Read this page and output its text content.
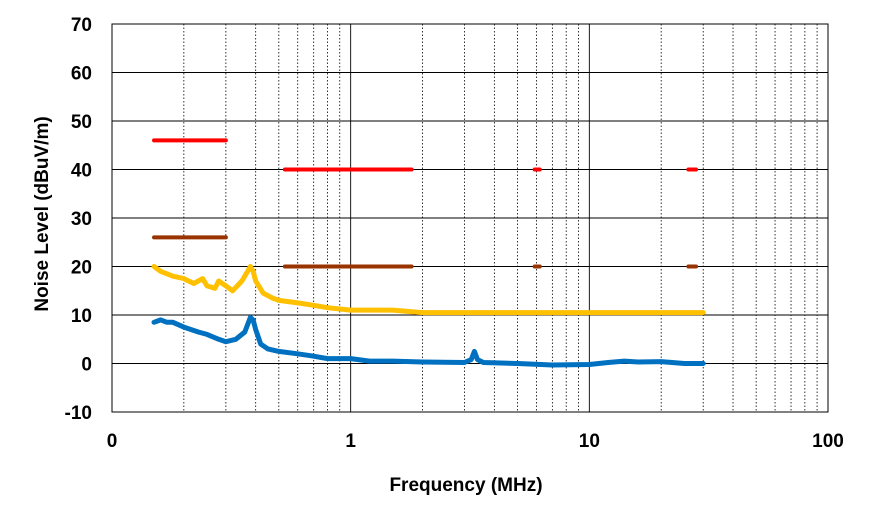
-10
0
10
20
30
40
50
60
70
0	1	10	100
Frequency (MHz)
Noise Level (dBuV/m)
